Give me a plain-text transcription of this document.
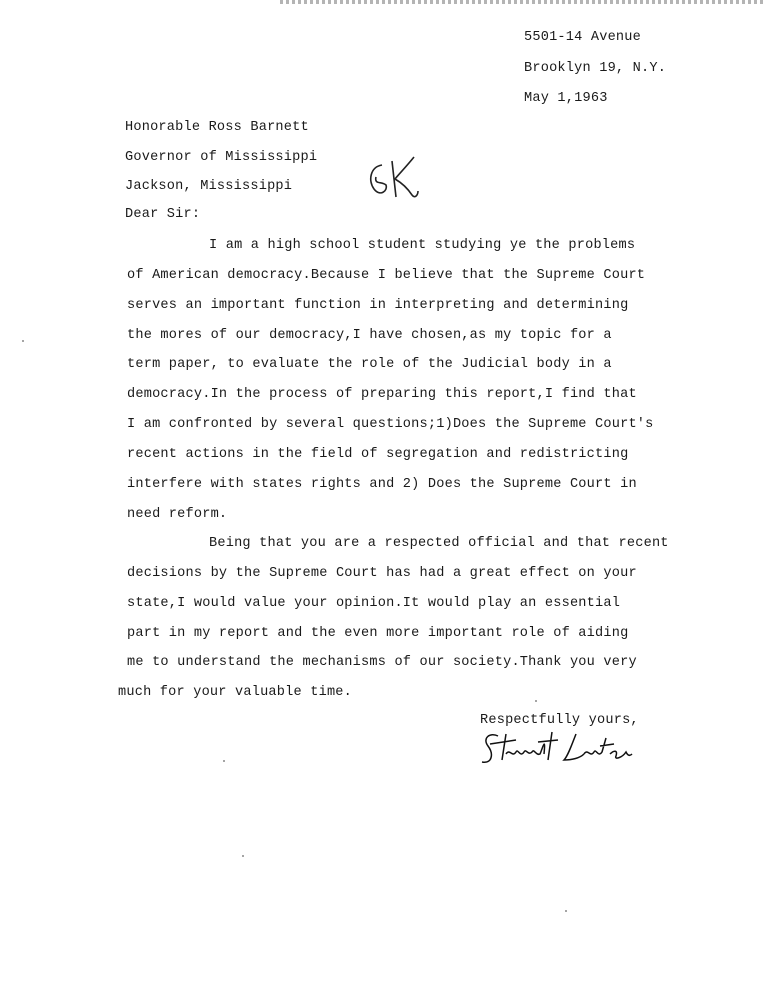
5501-14 Avenue
Brooklyn 19, N.Y.
May 1,1963
Honorable Ross Barnett
Governor of Mississippi
Jackson, Mississippi
Dear Sir:
I am a high school student studying ye the problems
of American democracy.Because I believe that the Supreme Court
serves an important function in interpreting and determining
the mores of our democracy,I have chosen,as my topic for a
term paper, to evaluate the role of the Judicial body in a
democracy.In the process of preparing this report,I find that
I am confronted by several questions;1)Does the Supreme Court's
recent actions in the field of segregation and redistricting
interfere with states rights and 2) Does the Supreme Court in
need reform.
Being that you are a respected official and that recent
decisions by the Supreme Court has had a great effect on your
state,I would value your opinion.It would play an essential
part in my report and the even more important role of aiding
me to understand the mechanisms of our society.Thank you very
much for your valuable time.
Respectfully yours,
